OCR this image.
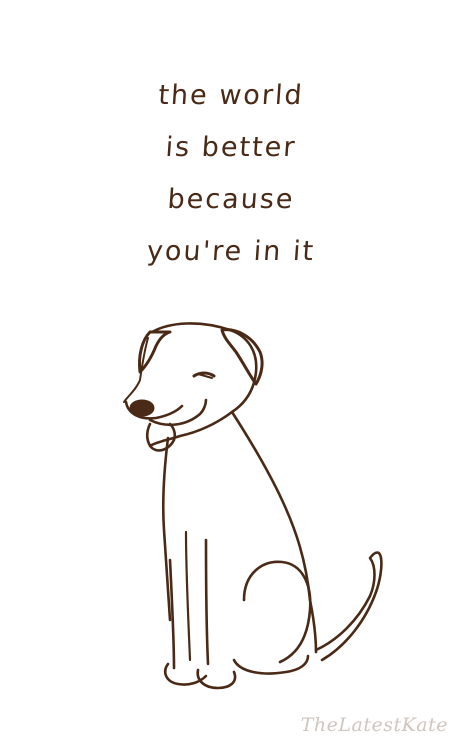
the world
is better
because
you're in it
TheLatestKate
